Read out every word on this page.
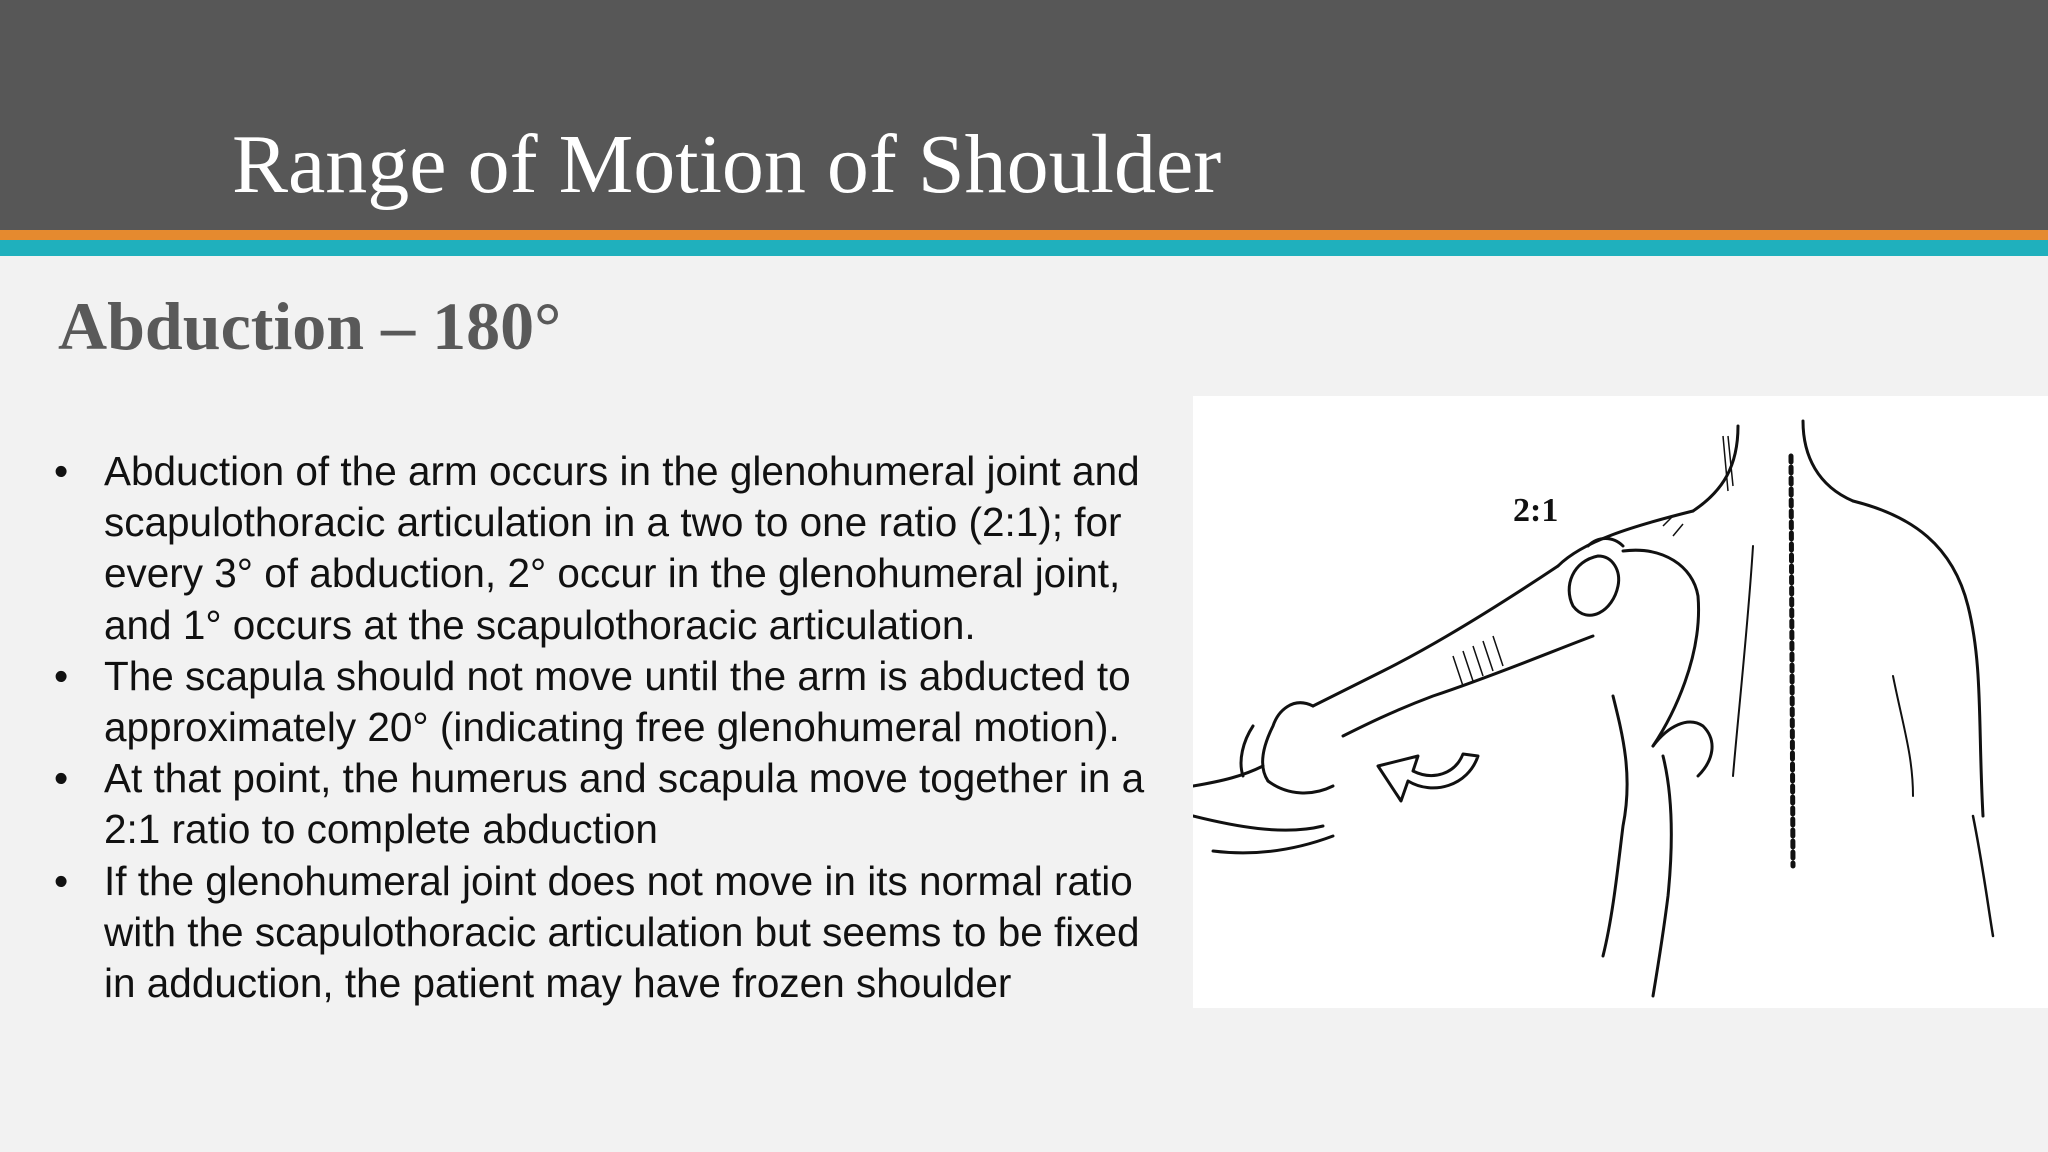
Range of Motion of Shoulder
Abduction – 180°
• Abduction of the arm occurs in the glenohumeral joint and scapulothoracic articulation in a two to one ratio (2:1); for every 3° of abduction, 2° occur in the glenohumeral joint, and 1° occurs at the scapulothoracic articulation.
• The scapula should not move until the arm is abducted to approximately 20° (indicating free glenohumeral motion).
• At that point, the humerus and scapula move together in a 2:1 ratio to complete abduction
• If the glenohumeral joint does not move in its normal ratio
with the scapulothoracic articulation but seems to be fixed in adduction, the patient may have frozen shoulder
2:1
